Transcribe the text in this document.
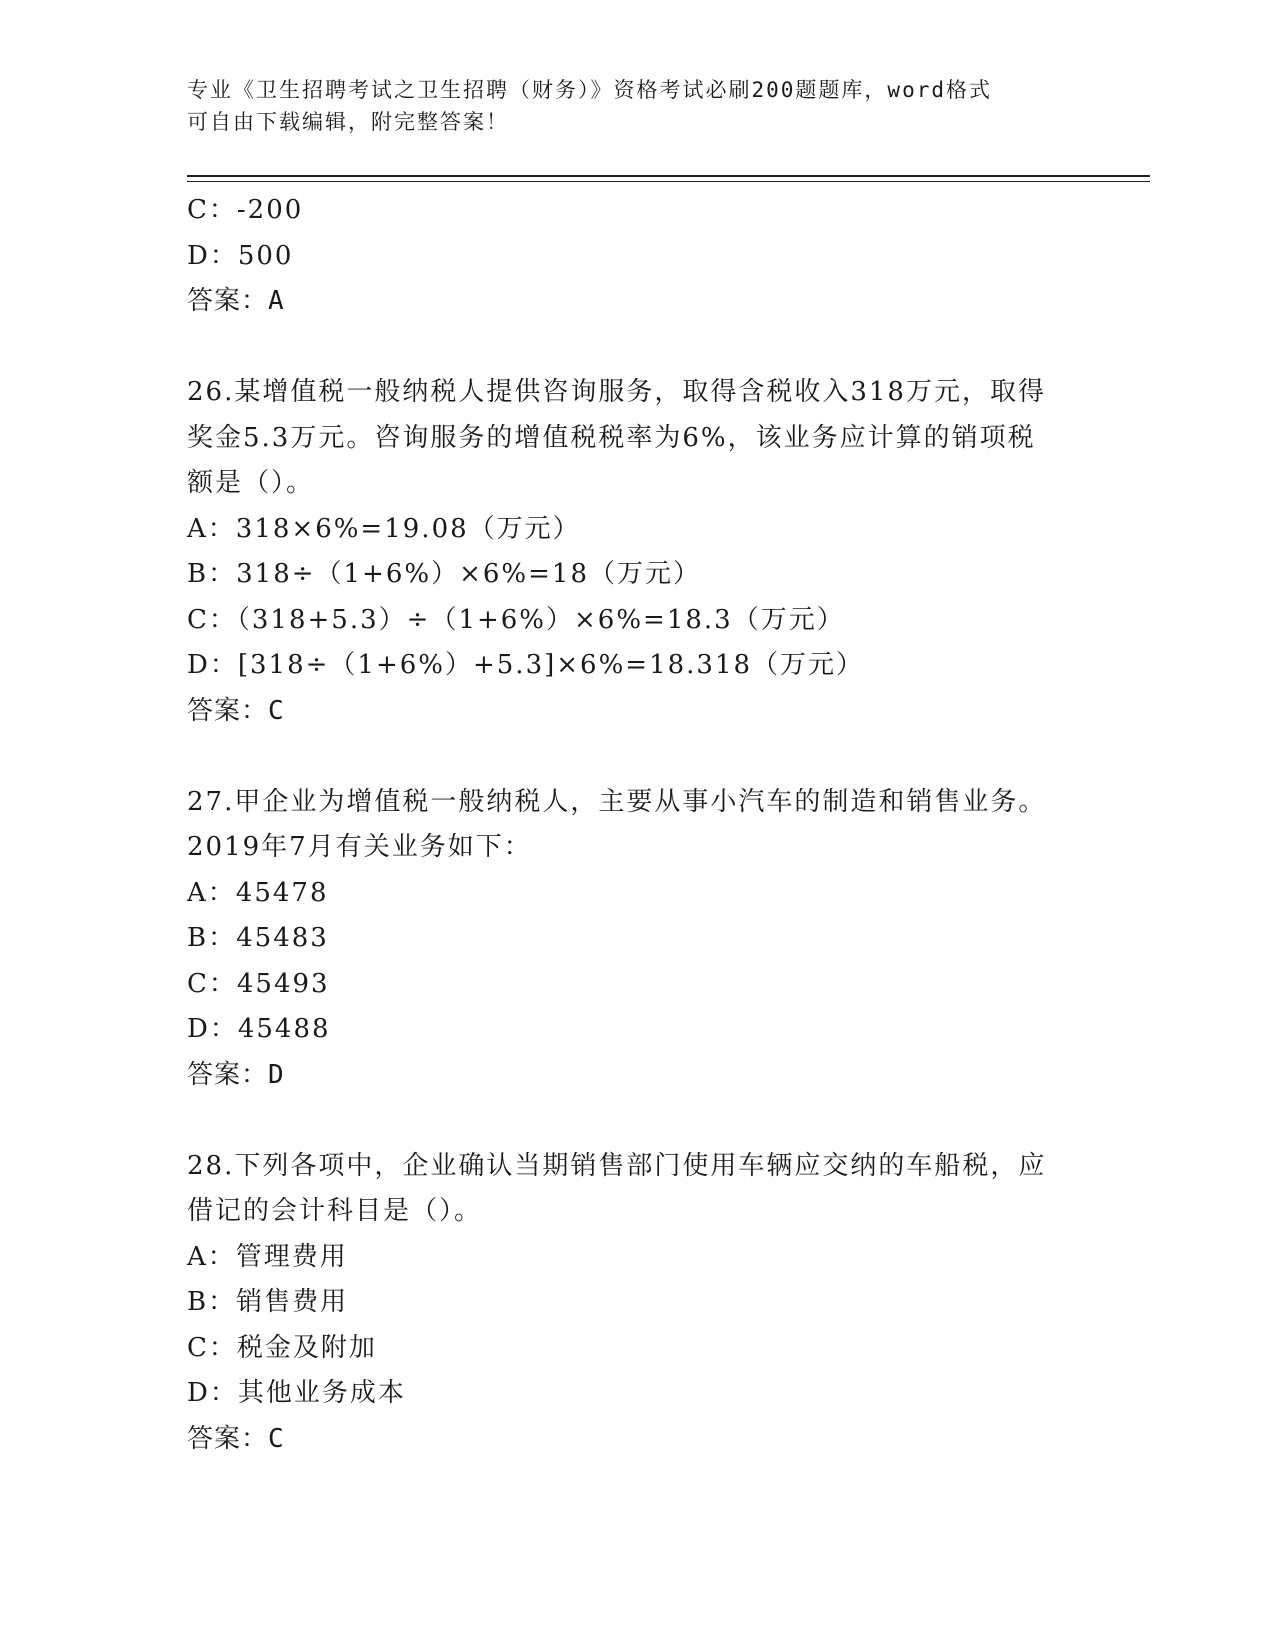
专业《卫生招聘考试之卫生招聘（财务）》资格考试必刷200题题库，word格式
可自由下载编辑，附完整答案！
C：-200
D：500
答案：A
26.某增值税一般纳税人提供咨询服务，取得含税收入318万元，取得
奖金5.3万元。咨询服务的增值税税率为6%，该业务应计算的销项税
额是（）。
A：318×6%=19.08（万元）
B：318÷（1+6%）×6%=18（万元）
C：（318+5.3）÷（1+6%）×6%=18.3（万元）
D：[318÷（1+6%）+5.3]×6%=18.318（万元）
答案：C
27.甲企业为增值税一般纳税人，主要从事小汽车的制造和销售业务。
2019年7月有关业务如下：
A：45478
B：45483
C：45493
D：45488
答案：D
28.下列各项中，企业确认当期销售部门使用车辆应交纳的车船税，应
借记的会计科目是（）。
A：管理费用
B：销售费用
C：税金及附加
D：其他业务成本
答案：C
